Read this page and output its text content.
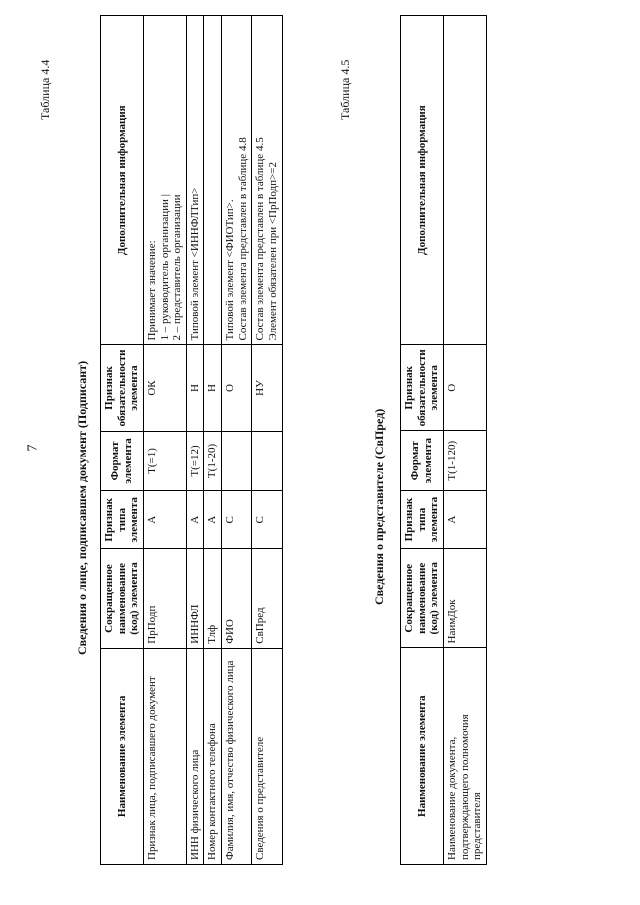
7
Таблица 4.4
Сведения о лице, подписавшем документ (Подписант)
Наименование элемента	Сокращенное наименование (код) элемента	Признак типа элемента	Формат элемента	Признак обязательности элемента	Дополнительная информация
Признак лица, подписавшего документ	ПрПодп	А	Т(=1)	ОК	Принимает значение: 1 – руководитель организации | 2 – представитель организации

ИНН физического лица	ИННФЛ	А	Т(=12)	Н	Типовой элемент <ИННФЛТип>

Номер контактного телефона	Тлф	А	Т(1-20)	Н	

Фамилия, имя, отчество физического лица	ФИО	С		О	Типовой элемент <ФИОТип>. Состав элемента представлен в таблице 4.8

Сведения о представителе	СвПред	С		НУ	Состав элемента представлен в таблице 4.5 Элемент обязателен при <ПрПодп>=2
Таблица 4.5
Сведения о представителе (СвПред)
Наименование элемента	Сокращенное наименование (код) элемента	Признак типа элемента	Формат элемента	Признак обязательности элемента	Дополнительная информация
Наименование документа, подтверждающего полномочия представителя	НаимДок	А	Т(1-120)	О	
